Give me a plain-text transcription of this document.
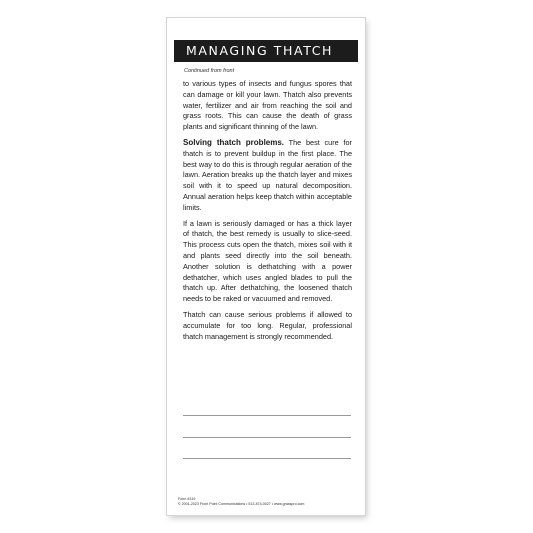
MANAGING THATCH
Continued from front

to various types of insects and fungus spores that can damage or kill your lawn. Thatch also prevents water, fertilizer and air from reaching the soil and grass roots. This can cause the death of grass plants and significant thinning of the lawn.

Solving thatch problems. The best cure for thatch is to prevent buildup in the first place. The best way to do this is through regular aeration of the lawn. Aeration breaks up the thatch layer and mixes soil with it to speed up natural decomposition. Annual aeration helps keep thatch within acceptable limits.

If a lawn is seriously damaged or has a thick layer of thatch, the best remedy is usually to slice-seed. This process cuts open the thatch, mixes soil with it and plants seed directly into the soil beneath. Another solution is dethatching with a power dethatcher, which uses angled blades to pull the thatch up. After dethatching, the loosened thatch needs to be raked or vacuumed and removed.

Thatch can cause serious problems if allowed to accumulate for too long. Regular, professional thatch management is strongly recommended.

Form #319
© 2001-2023 Front Point Communications • 513-874-0027 • www.grasspro.com
